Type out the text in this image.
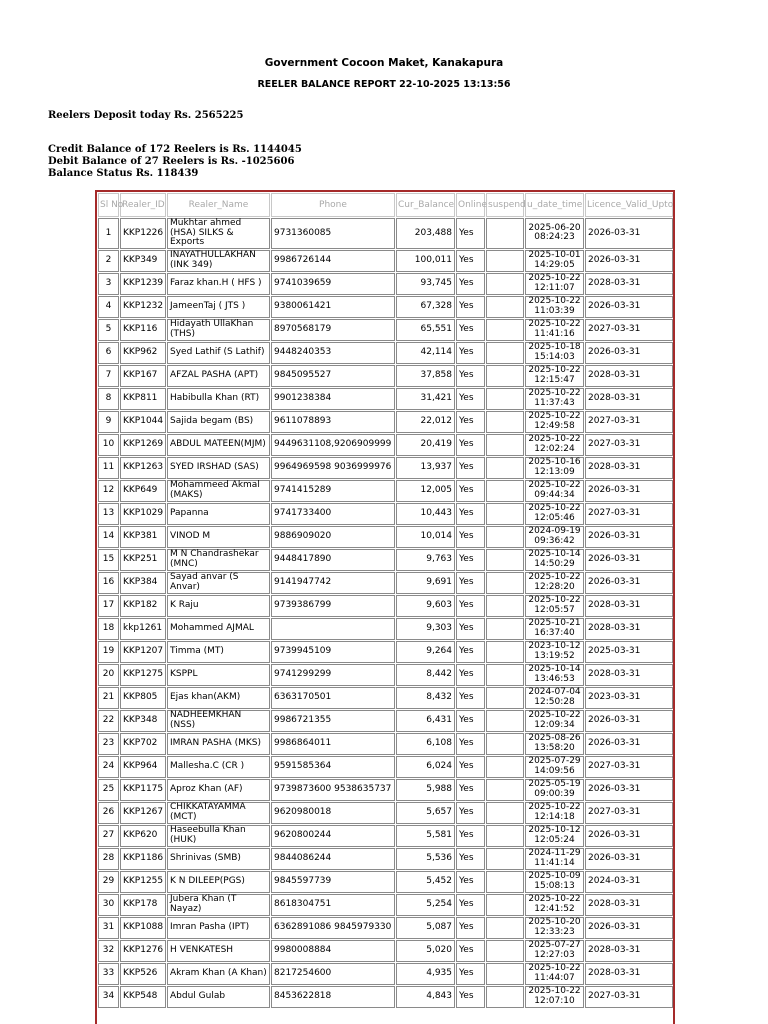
Government Cocoon Maket, Kanakapura
REELER BALANCE REPORT 22-10-2025 13:13:56
Reelers Deposit today Rs. 2565225
Credit Balance of 172 Reelers is Rs. 1144045
Debit Balance of 27 Reelers is Rs. -1025606
Balance Status Rs. 118439
Sl No	Realer_ID	Realer_Name	Phone	Cur_Balance	Online	suspend	u_date_time	Licence_Valid_Upto
1	KKP1226	Mukhtar ahmed (HSA) SILKS & Exports	9731360085	203,488	Yes		2025-06-20 08:24:23	2026-03-31
2	KKP349	INAYATHULLAKHAN (INK 349)	9986726144	100,011	Yes		2025-10-01 14:29:05	2026-03-31
3	KKP1239	Faraz khan.H ( HFS )	9741039659	93,745	Yes		2025-10-22 12:11:07	2028-03-31
4	KKP1232	JameenTaj ( JTS )	9380061421	67,328	Yes		2025-10-22 11:03:39	2026-03-31
5	KKP116	Hidayath UllaKhan (THS)	8970568179	65,551	Yes		2025-10-22 11:41:16	2027-03-31
6	KKP962	Syed Lathif (S Lathif)	9448240353	42,114	Yes		2025-10-18 15:14:03	2026-03-31
7	KKP167	AFZAL PASHA (APT)	9845095527	37,858	Yes		2025-10-22 12:15:47	2028-03-31
8	KKP811	Habibulla Khan (RT)	9901238384	31,421	Yes		2025-10-22 11:37:43	2028-03-31
9	KKP1044	Sajida begam (BS)	9611078893	22,012	Yes		2025-10-22 12:49:58	2027-03-31
10	KKP1269	ABDUL MATEEN(MJM)	9449631108,9206909999	20,419	Yes		2025-10-22 12:02:24	2027-03-31
11	KKP1263	SYED IRSHAD (SAS)	9964969598 9036999976	13,937	Yes		2025-10-16 12:13:09	2028-03-31
12	KKP649	Mohammeed Akmal (MAKS)	9741415289	12,005	Yes		2025-10-22 09:44:34	2026-03-31
13	KKP1029	Papanna	9741733400	10,443	Yes		2025-10-22 12:05:46	2027-03-31
14	KKP381	VINOD M	9886909020	10,014	Yes		2024-09-19 09:36:42	2026-03-31
15	KKP251	M N Chandrashekar (MNC)	9448417890	9,763	Yes		2025-10-14 14:50:29	2026-03-31
16	KKP384	Sayad anvar (S Anvar)	9141947742	9,691	Yes		2025-10-22 12:28:20	2026-03-31
17	KKP182	K Raju	9739386799	9,603	Yes		2025-10-22 12:05:57	2028-03-31
18	kkp1261	Mohammed AJMAL		9,303	Yes		2025-10-21 16:37:40	2028-03-31
19	KKP1207	Timma (MT)	9739945109	9,264	Yes		2023-10-12 13:19:52	2025-03-31
20	KKP1275	KSPPL	9741299299	8,442	Yes		2025-10-14 13:46:53	2028-03-31
21	KKP805	Ejas khan(AKM)	6363170501	8,432	Yes		2024-07-04 12:50:28	2023-03-31
22	KKP348	NADHEEMKHAN (NSS)	9986721355	6,431	Yes		2025-10-22 12:09:34	2026-03-31
23	KKP702	IMRAN PASHA (MKS)	9986864011	6,108	Yes		2025-08-26 13:58:20	2026-03-31
24	KKP964	Mallesha.C (CR )	9591585364	6,024	Yes		2025-07-29 14:09:56	2027-03-31
25	KKP1175	Aproz Khan (AF)	9739873600 9538635737	5,988	Yes		2025-05-19 09:00:39	2026-03-31
26	KKP1267	CHIKKATAYAMMA (MCT)	9620980018	5,657	Yes		2025-10-22 12:14:18	2027-03-31
27	KKP620	Haseebulla Khan (HUK)	9620800244	5,581	Yes		2025-10-12 12:05:24	2026-03-31
28	KKP1186	Shrinivas (SMB)	9844086244	5,536	Yes		2024-11-29 11:41:14	2026-03-31
29	KKP1255	K N DILEEP(PGS)	9845597739	5,452	Yes		2025-10-09 15:08:13	2024-03-31
30	KKP178	Jubera Khan (T Nayaz)	8618304751	5,254	Yes		2025-10-22 12:41:52	2028-03-31
31	KKP1088	Imran Pasha (IPT)	6362891086 9845979330	5,087	Yes		2025-10-20 12:33:23	2026-03-31
32	KKP1276	H VENKATESH	9980008884	5,020	Yes		2025-07-27 12:27:03	2028-03-31
33	KKP526	Akram Khan (A Khan)	8217254600	4,935	Yes		2025-10-22 11:44:07	2028-03-31
34	KKP548	Abdul Gulab	8453622818	4,843	Yes		2025-10-22 12:07:10	2027-03-31
